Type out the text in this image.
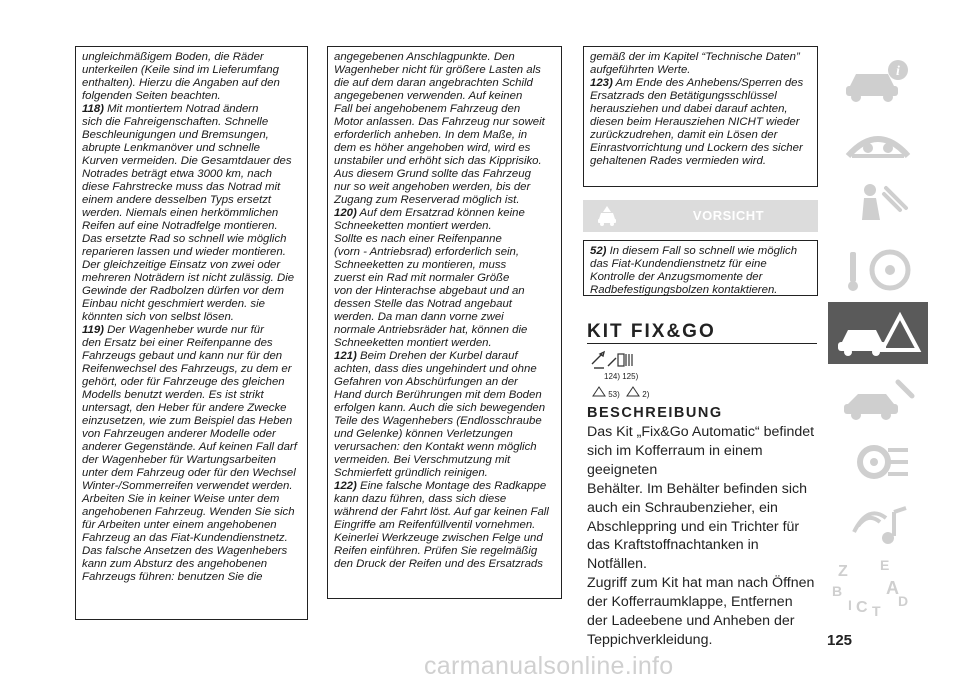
ungleichmäßigem Boden, die Räder
unterkeilen (Keile sind im Lieferumfang
enthalten). Hierzu die Angaben auf den
folgenden Seiten beachten.
118) Mit montiertem Notrad ändern
sich die Fahreigenschaften. Schnelle
Beschleunigungen und Bremsungen,
abrupte Lenkmanöver und schnelle
Kurven vermeiden. Die Gesamtdauer des
Notrades beträgt etwa 3000 km, nach
diese Fahrstrecke muss das Notrad mit
einem andere desselben Typs ersetzt
werden. Niemals einen herkömmlichen
Reifen auf eine Notradfelge montieren.
Das ersetzte Rad so schnell wie möglich
reparieren lassen und wieder montieren.
Der gleichzeitige Einsatz von zwei oder
mehreren Noträdern ist nicht zulässig. Die
Gewinde der Radbolzen dürfen vor dem
Einbau nicht geschmiert werden. sie
könnten sich von selbst lösen.
119) Der Wagenheber wurde nur für
den Ersatz bei einer Reifenpanne des
Fahrzeugs gebaut und kann nur für den
Reifenwechsel des Fahrzeugs, zu dem er
gehört, oder für Fahrzeuge des gleichen
Modells benutzt werden. Es ist strikt
untersagt, den Heber für andere Zwecke
einzusetzen, wie zum Beispiel das Heben
von Fahrzeugen anderer Modelle oder
anderer Gegenstände. Auf keinen Fall darf
der Wagenheber für Wartungsarbeiten
unter dem Fahrzeug oder für den Wechsel
Winter-/Sommerreifen verwendet werden.
Arbeiten Sie in keiner Weise unter dem
angehobenen Fahrzeug. Wenden Sie sich
für Arbeiten unter einem angehobenen
Fahrzeug an das Fiat-Kundendienstnetz.
Das falsche Ansetzen des Wagenhebers
kann zum Absturz des angehobenen
Fahrzeugs führen: benutzen Sie die

angegebenen Anschlagpunkte. Den
Wagenheber nicht für größere Lasten als
die auf dem daran angebrachten Schild
angegebenen verwenden. Auf keinen
Fall bei angehobenem Fahrzeug den
Motor anlassen. Das Fahrzeug nur soweit
erforderlich anheben. In dem Maße, in
dem es höher angehoben wird, wird es
unstabiler und erhöht sich das Kipprisiko.
Aus diesem Grund sollte das Fahrzeug
nur so weit angehoben werden, bis der
Zugang zum Reserverad möglich ist.
120) Auf dem Ersatzrad können keine
Schneeketten montiert werden.
Sollte es nach einer Reifenpanne
(vorn - Antriebsrad) erforderlich sein,
Schneeketten zu montieren, muss
zuerst ein Rad mit normaler Größe
von der Hinterachse abgebaut und an
dessen Stelle das Notrad angebaut
werden. Da man dann vorne zwei
normale Antriebsräder hat, können die
Schneeketten montiert werden.
121) Beim Drehen der Kurbel darauf
achten, dass dies ungehindert und ohne
Gefahren von Abschürfungen an der
Hand durch Berührungen mit dem Boden
erfolgen kann. Auch die sich bewegenden
Teile des Wagenhebers (Endlosschraube
und Gelenke) können Verletzungen
verursachen: den Kontakt wenn möglich
vermeiden. Bei Verschmutzung mit
Schmierfett gründlich reinigen.
122) Eine falsche Montage des Radkappe
kann dazu führen, dass sich diese
während der Fahrt löst. Auf gar keinen Fall
Eingriffe am Reifenfüllventil vornehmen.
Keinerlei Werkzeuge zwischen Felge und
Reifen einführen. Prüfen Sie regelmäßig
den Druck der Reifen und des Ersatzrads

gemäß der im Kapitel “Technische Daten”
aufgeführten Werte.
123) Am Ende des Anhebens/Sperren des
Ersatzrads den Betätigungsschlüssel
herausziehen und dabei darauf achten,
diesen beim Herausziehen NICHT wieder
zurückzudrehen, damit ein Lösen der
Einrastvorrichtung und Lockern des sicher
gehaltenen Rades vermieden wird.

VORSICHT

52) In diesem Fall so schnell wie möglich
das Fiat-Kundendienstnetz für eine
Kontrolle der Anzugsmomente der
Radbefestigungsbolzen kontaktieren.

KIT FIX&GO
124) 125)
53)	2)
BESCHREIBUNG
Das Kit „Fix&Go Automatic“ befindet
sich im Kofferraum in einem geeigneten
Behälter. Im Behälter befinden sich
auch ein Schraubenzieher, ein
Abschleppring und ein Trichter für
das Kraftstoffnachtanken in Notfällen.
Zugriff zum Kit hat man nach Öffnen
der Kofferraumklappe, Entfernen
der Ladeebene und Anheben der
Teppichverkleidung.	125
carmanualsonline.info
i
Z E
B A
I C T
D
